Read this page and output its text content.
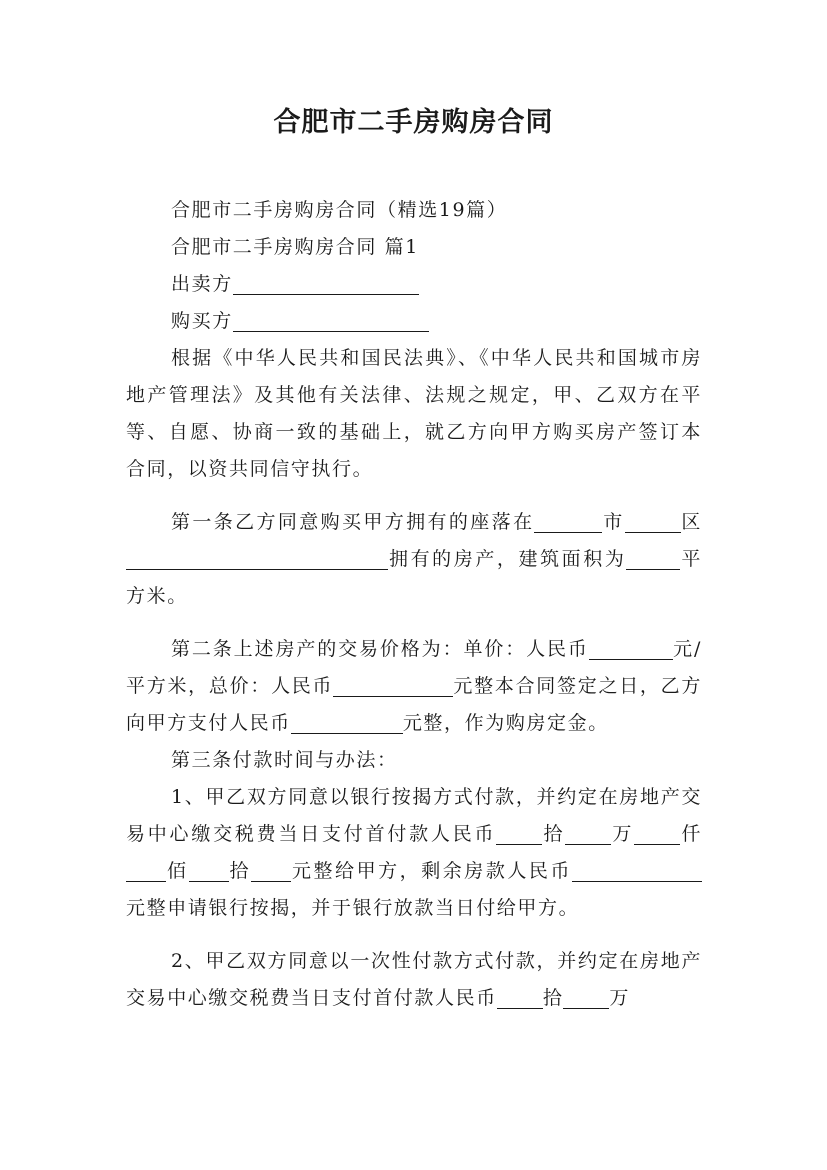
合肥市二手房购房合同

合肥市二手房购房合同（精选19篇）

合肥市二手房购房合同 篇1

出卖方

购买方

根据《中华人民共和国民法典》、《中华人民共和国城市房地产管理法》及其他有关法律、法规之规定，甲、乙双方在平等、自愿、协商一致的基础上，就乙方向甲方购买房产签订本合同，以资共同信守执行。

第一条乙方同意购买甲方拥有的座落在	市	区拥有的房产，建筑面积为	平方米。

第二条上述房产的交易价格为：单价：人民币	元/平方米，总价：人民币	元整本合同签定之日，乙方向甲方支付人民币	元整，作为购房定金。

第三条付款时间与办法：

1、甲乙双方同意以银行按揭方式付款，并约定在房地产交易中心缴交税费当日支付首付款人民币 拾 万 仟佰 拾 元整给甲方，剩余房款人民币元整申请银行按揭，并于银行放款当日付给甲方。

2、甲乙双方同意以一次性付款方式付款，并约定在房地产交易中心缴交税费当日支付首付款人民币 拾 万
